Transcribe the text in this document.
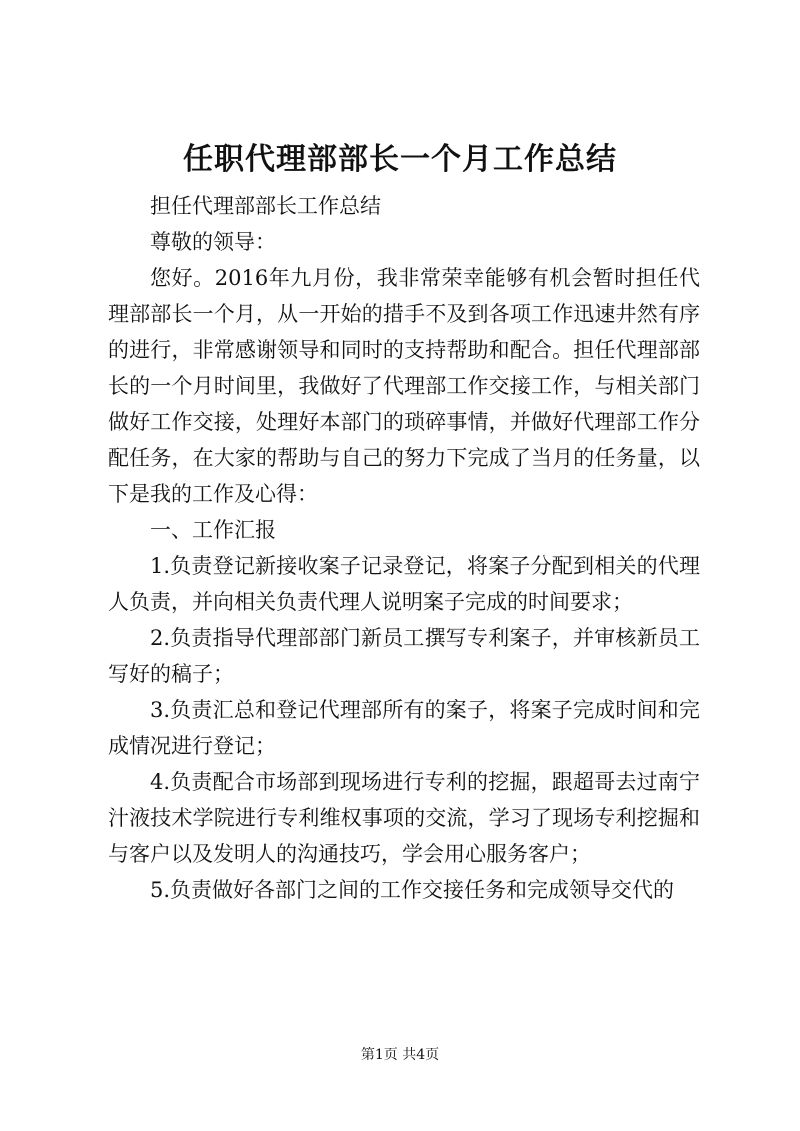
任职代理部部长一个月工作总结

担任代理部部长工作总结

尊敬的领导：

您好。2016年九月份，我非常荣幸能够有机会暂时担任代理部部长一个月，从一开始的措手不及到各项工作迅速井然有序的进行，非常感谢领导和同时的支持帮助和配合。担任代理部部长的一个月时间里，我做好了代理部工作交接工作，与相关部门做好工作交接，处理好本部门的琐碎事情，并做好代理部工作分配任务，在大家的帮助与自己的努力下完成了当月的任务量，以下是我的工作及心得：

一、工作汇报

1.负责登记新接收案子记录登记，将案子分配到相关的代理人负责，并向相关负责代理人说明案子完成的时间要求；

2.负责指导代理部部门新员工撰写专利案子，并审核新员工写好的稿子；

3.负责汇总和登记代理部所有的案子，将案子完成时间和完成情况进行登记；

4.负责配合市场部到现场进行专利的挖掘，跟超哥去过南宁汁液技术学院进行专利维权事项的交流，学习了现场专利挖掘和与客户以及发明人的沟通技巧，学会用心服务客户；

5.负责做好各部门之间的工作交接任务和完成领导交代的

第1页 共4页
